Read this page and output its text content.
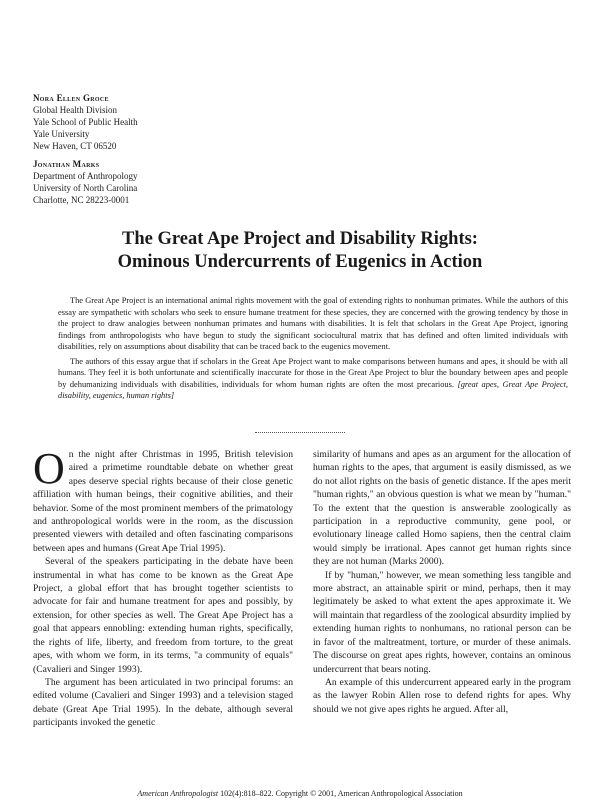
Nora Ellen Groce
Global Health Division
Yale School of Public Health
Yale University
New Haven, CT 06520
Jonathan Marks
Department of Anthropology
University of North Carolina
Charlotte, NC 28223-0001
The Great Ape Project and Disability Rights:
Ominous Undercurrents of Eugenics in Action

The Great Ape Project is an international animal rights movement with the goal of extending rights to nonhuman primates. While the authors of this essay are sympathetic with scholars who seek to ensure humane treatment for these species, they are concerned with the growing tendency by those in the project to draw analogies between nonhuman primates and humans with disabilities. It is felt that scholars in the Great Ape Project, ignoring findings from anthropologists who have begun to study the significant sociocultural matrix that has defined and often limited individuals with disabilities, rely on assumptions about disability that can be traced back to the eugenics movement.

The authors of this essay argue that if scholars in the Great Ape Project want to make comparisons between humans and apes, it should be with all humans. They feel it is both unfortunate and scientifically inaccurate for those in the Great Ape Project to blur the boundary between apes and people by dehumanizing individuals with disabilities, individuals for whom human rights are often the most precarious. [great apes, Great Ape Project, disability, eugenics, human rights]

On the night after Christmas in 1995, British television aired a primetime roundtable debate on whether great apes deserve special rights because of their close genetic affiliation with human beings, their cognitive abilities, and their behavior. Some of the most prominent members of the primatology and anthropological worlds were in the room, as the discussion presented viewers with detailed and often fascinating comparisons between apes and humans (Great Ape Trial 1995).

Several of the speakers participating in the debate have been instrumental in what has come to be known as the Great Ape Project, a global effort that has brought together scientists to advocate for fair and humane treatment for apes and possibly, by extension, for other species as well. The Great Ape Project has a goal that appears ennobling: extending human rights, specifically, the rights of life, liberty, and freedom from torture, to the great apes, with whom we form, in its terms, "a community of equals" (Cavalieri and Singer 1993).

The argument has been articulated in two principal forums: an edited volume (Cavalieri and Singer 1993) and a television staged debate (Great Ape Trial 1995). In the debate, although several participants invoked the genetic

similarity of humans and apes as an argument for the allocation of human rights to the apes, that argument is easily dismissed, as we do not allot rights on the basis of genetic distance. If the apes merit "human rights," an obvious question is what we mean by "human." To the extent that the question is answerable zoologically as participation in a reproductive community, gene pool, or evolutionary lineage called Homo sapiens, then the central claim would simply be irrational. Apes cannot get human rights since they are not human (Marks 2000).

If by "human," however, we mean something less tangible and more abstract, an attainable spirit or mind, perhaps, then it may legitimately be asked to what extent the apes approximate it. We will maintain that regardless of the zoological absurdity implied by extending human rights to nonhumans, no rational person can be in favor of the maltreatment, torture, or murder of these animals. The discourse on great apes rights, however, contains an ominous undercurrent that bears noting.

An example of this undercurrent appeared early in the program as the lawyer Robin Allen rose to defend rights for apes. Why should we not give apes rights he argued. After all,

American Anthropologist 102(4):818–822. Copyright © 2001, American Anthropological Association
